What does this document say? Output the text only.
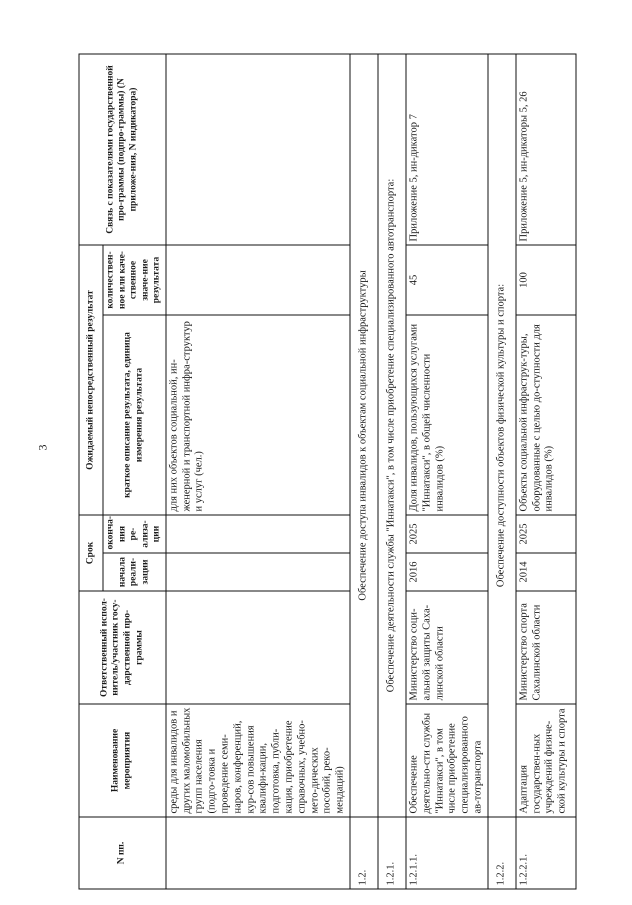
3
N пп.	Наименование мероприятия	Ответственный испол-нитель/участник госу-дарственной про-граммы	Срок		Ожидаемый непосредственный результат		Связь с показателями государственной про-граммы (подпро-граммы) (N приложе-ния, N индикатора)
			начала реали-зации	оконча-ния ре-ализа-ции	краткое описание результата, единица измерения результата	количествен-ное или каче-ственное значе-ние результата	
	среды для инвалидов и других маломобильных групп населения (подго-товка и проведение семи-наров, конференций, кур-сов повышения квалифи-кации, подготовка, публи-кация, приобретение справочных, учебно-мето-дических пособий, реко-мендаций)				для них объектов социальной, ин-женерной и транспортной инфра-структур и услуг (чел.)		
1.2.	Обеспечение доступа инвалидов к объектам социальной инфраструктуры						
1.2.1.	Обеспечение деятельности службы "Иннатакси", в том числе приобретение специализированного автотранспорта:						
1.2.1.1.	Обеспечение деятельно-сти службы "Иннатакси", в том числе приобретение специализированного ав-тотранспорта	Министерство соци-альной защиты Саха-линской области	2016	2025	Доля инвалидов, пользующихся услугами "Иннатакси", в общей численности инвалидов (%)	45	Приложение 5, ин-дикатор 7
1.2.2.	Обеспечение доступности объектов физической культуры и спорта:						
1.2.2.1.	Адаптация государствен-ных учреждений физиче-ской культуры и спорта	Министерство спорта Сахалинской области	2014	2025	Объекты социальной инфраструк-туры, оборудованные с целью до-ступности для инвалидов (%)	100	Приложение 5, ин-дикаторы 5, 26
